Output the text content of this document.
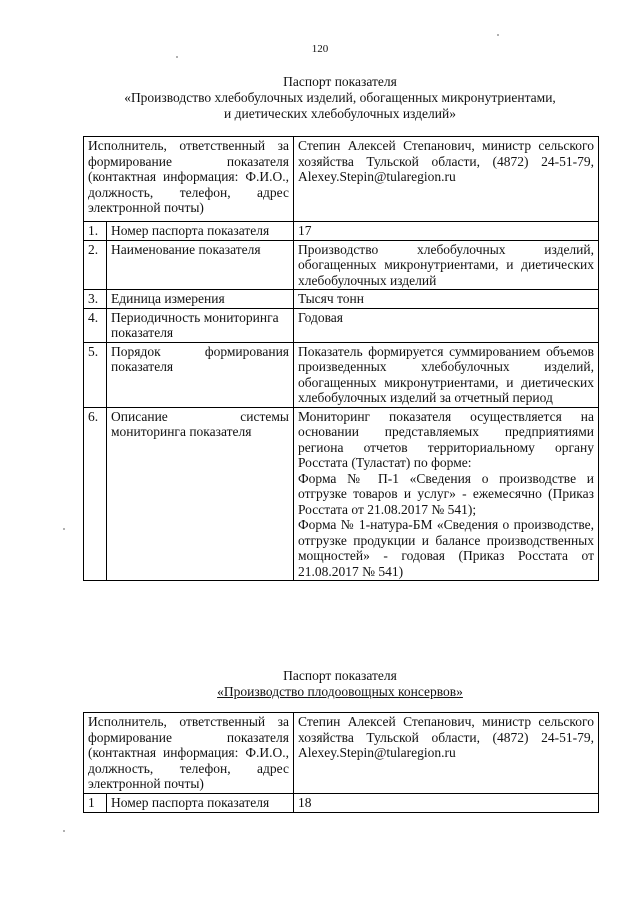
120
Паспорт показателя
«Производство хлебобулочных изделий, обогащенных микронутриентами,
и диетических хлебобулочных изделий»
Исполнитель, ответственный за формирование показателя (контактная информация: Ф.И.О., должность, телефон, адрес электронной почты)		Степин Алексей Степанович, министр сельского хозяйства Тульской области, (4872) 24-51-79, Alexey.Stepin@tularegion.ru
1.	Номер паспорта показателя	17
2.	Наименование показателя	Производство хлебобулочных изделий, обогащенных микронутриентами, и диетических хлебобулочных изделий
3.	Единица измерения	Тысяч тонн
4.	Периодичность мониторинга показателя	Годовая
5.	Порядок формирования показателя	Показатель формируется суммированием объемов произведенных хлебобулочных изделий, обогащенных микронутриентами, и диетических хлебобулочных изделий за отчетный период
6.	Описание системы мониторинга показателя	Мониторинг показателя осуществляется на основании представляемых предприятиями региона отчетов территориальному органу Росстата (Туластат) по форме:
Форма № П-1 «Сведения о производстве и отгрузке товаров и услуг» - ежемесячно (Приказ Росстата от 21.08.2017 № 541);
Форма № 1-натура-БМ «Сведения о производстве, отгрузке продукции и балансе производственных мощностей» - годовая (Приказ Росстата от 21.08.2017 № 541)
Паспорт показателя
«Производство плодоовощных консервов»
Исполнитель, ответственный за формирование показателя (контактная информация: Ф.И.О., должность, телефон, адрес электронной почты)		Степин Алексей Степанович, министр сельского хозяйства Тульской области, (4872) 24-51-79, Alexey.Stepin@tularegion.ru
1	Номер паспорта показателя	18
